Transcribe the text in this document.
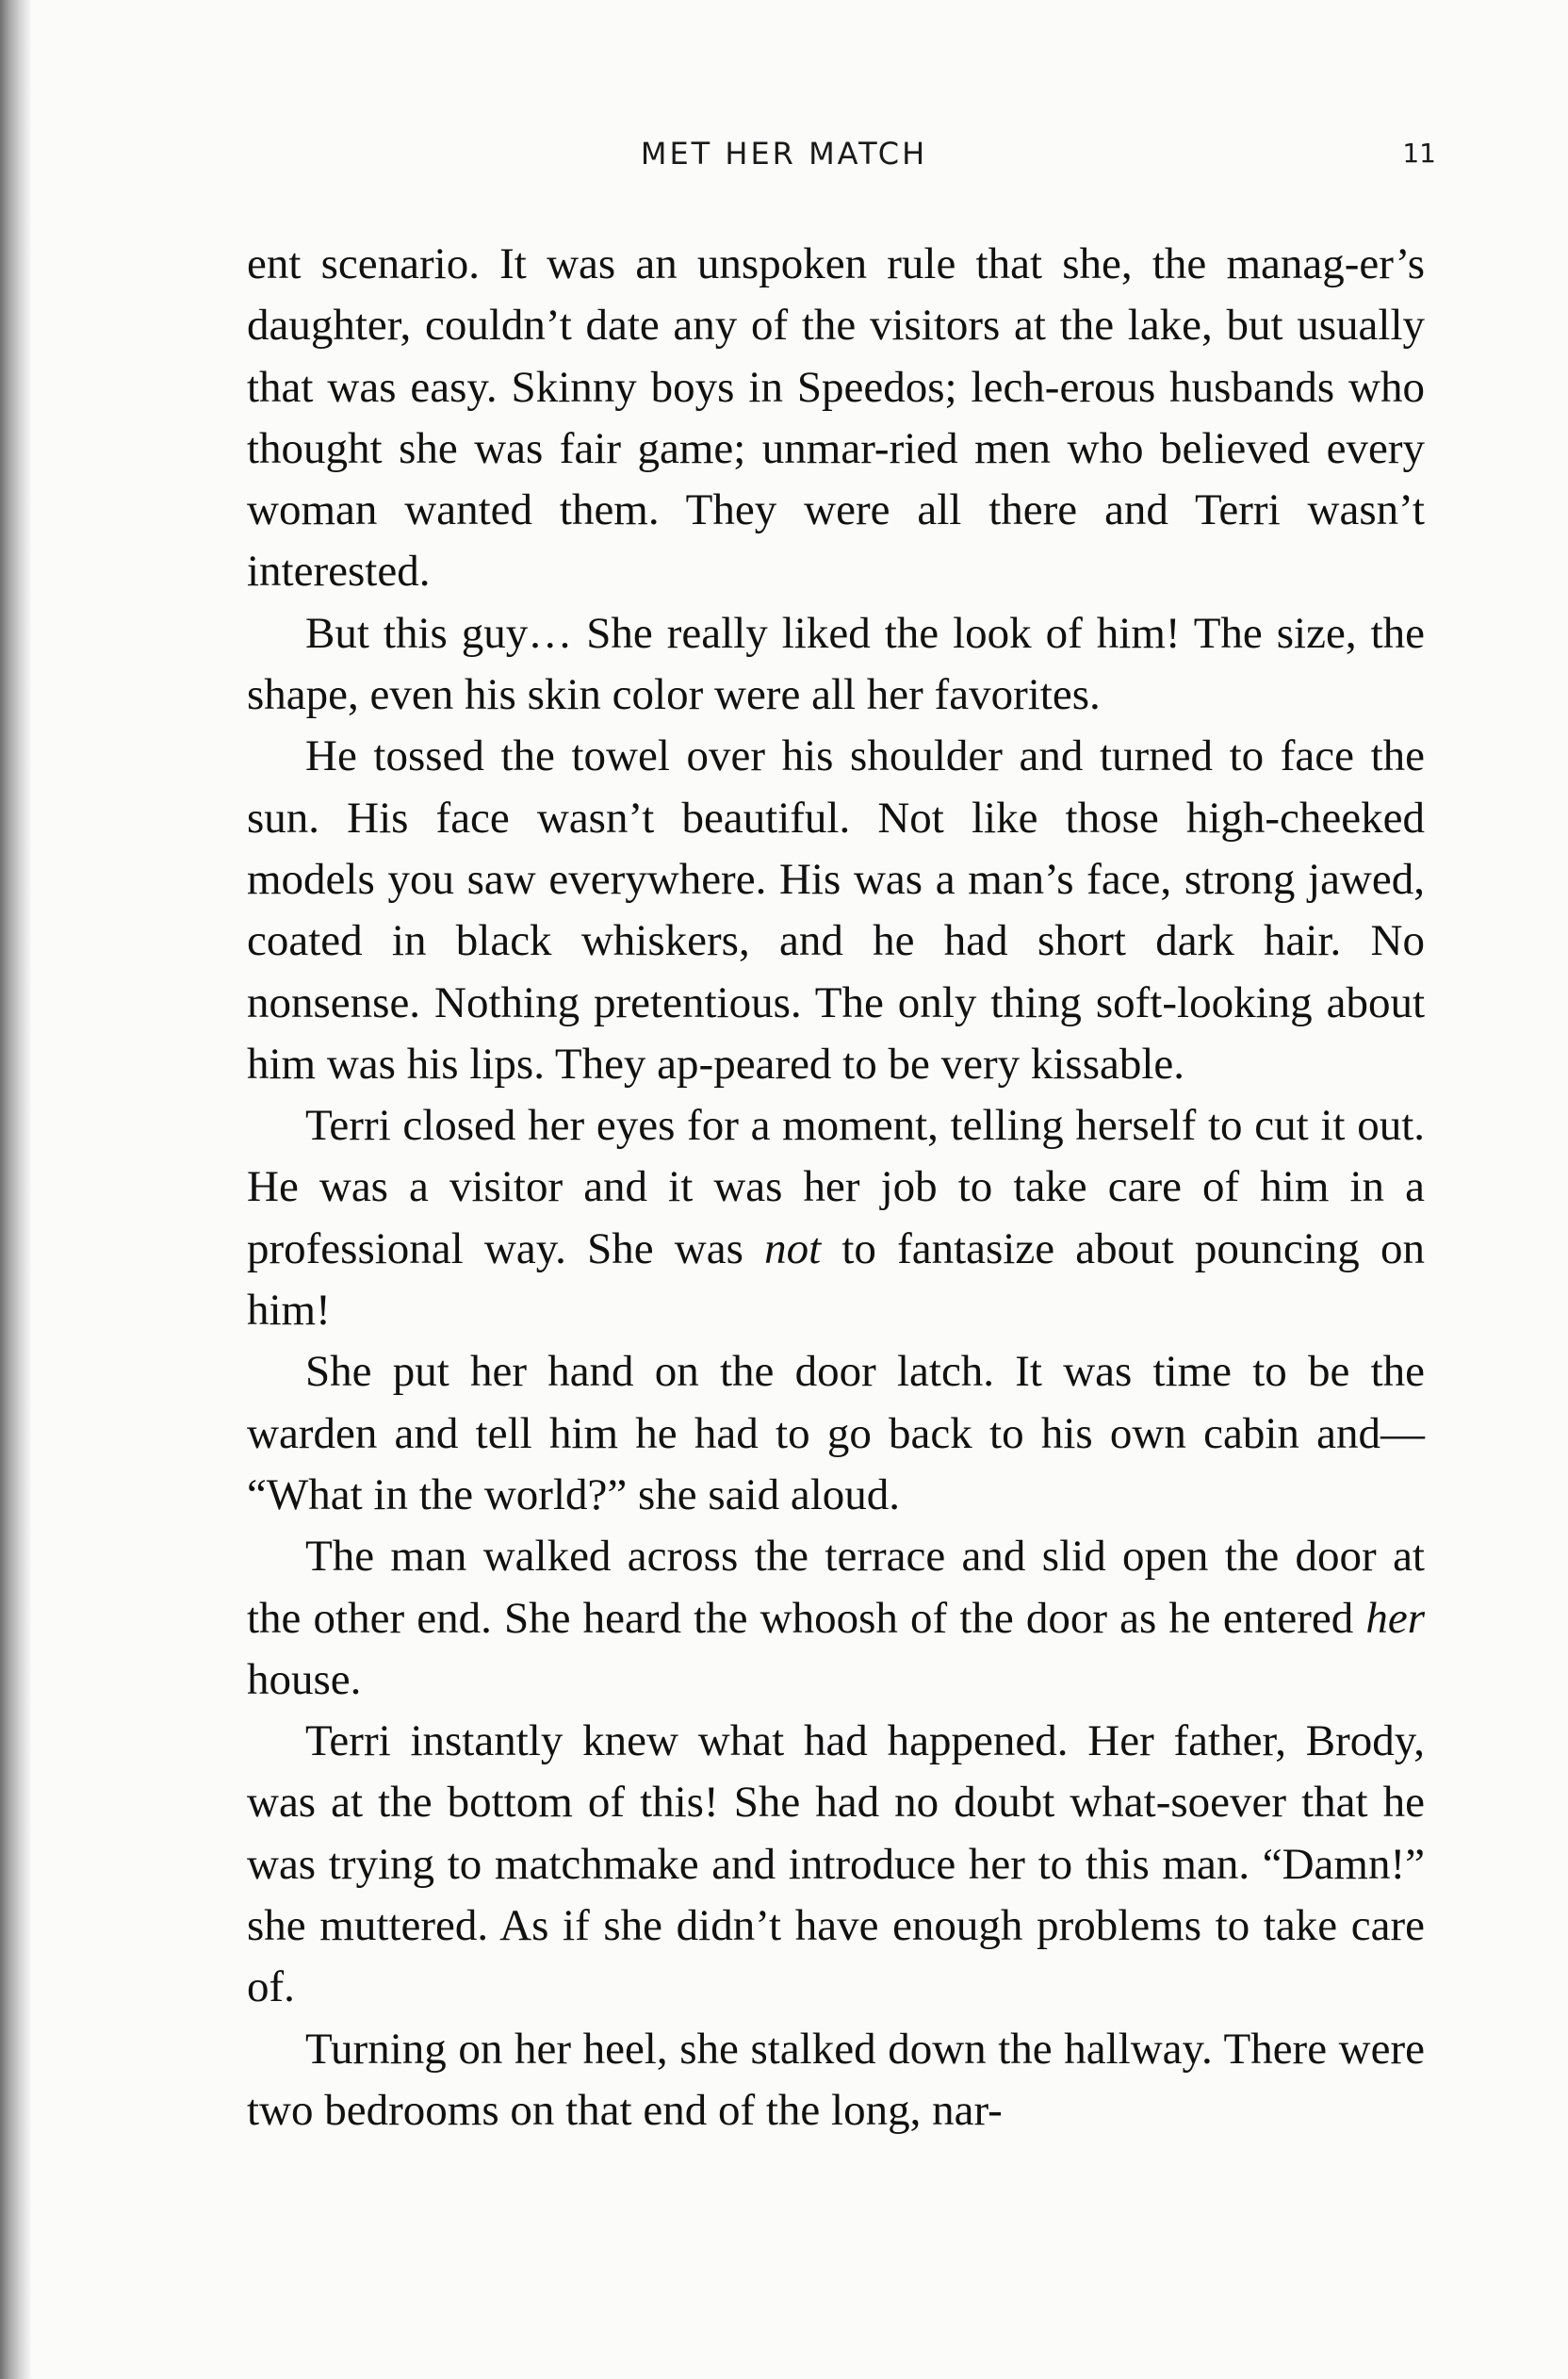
MET HER MATCH	11

ent scenario. It was an unspoken rule that she, the manag-er’s daughter, couldn’t date any of the visitors at the lake, but usually that was easy. Skinny boys in Speedos; lech-erous husbands who thought she was fair game; unmar-ried men who believed every woman wanted them. They were all there and Terri wasn’t interested.

But this guy… She really liked the look of him! The size, the shape, even his skin color were all her favorites.

He tossed the towel over his shoulder and turned to face the sun. His face wasn’t beautiful. Not like those high-cheeked models you saw everywhere. His was a man’s face, strong jawed, coated in black whiskers, and he had short dark hair. No nonsense. Nothing pretentious. The only thing soft-looking about him was his lips. They ap-peared to be very kissable.

Terri closed her eyes for a moment, telling herself to cut it out. He was a visitor and it was her job to take care of him in a professional way. She was not to fantasize about pouncing on him!

She put her hand on the door latch. It was time to be the warden and tell him he had to go back to his own cabin and— “What in the world?” she said aloud.

The man walked across the terrace and slid open the door at the other end. She heard the whoosh of the door as he entered her house.

Terri instantly knew what had happened. Her father, Brody, was at the bottom of this! She had no doubt what-soever that he was trying to matchmake and introduce her to this man. “Damn!” she muttered. As if she didn’t have enough problems to take care of.

Turning on her heel, she stalked down the hallway. There were two bedrooms on that end of the long, nar-
